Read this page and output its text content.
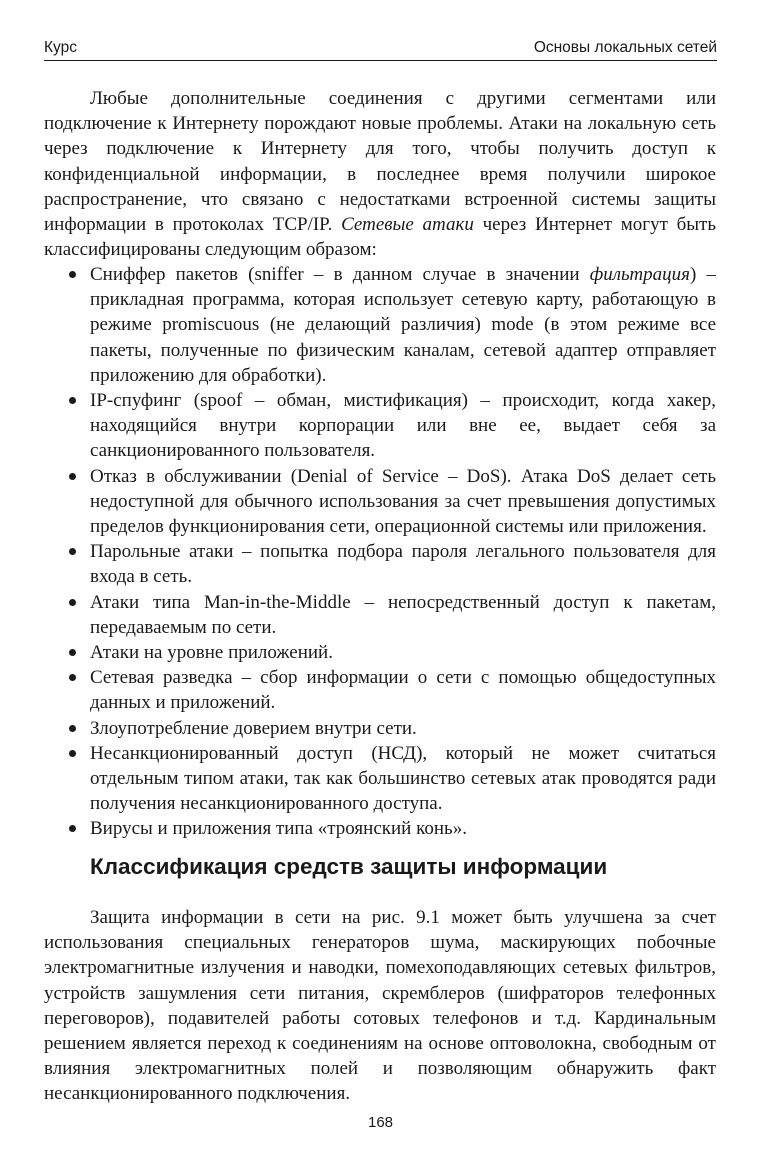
Курс	Основы локальных сетей

Любые дополнительные соединения с другими сегментами или подключение к Интернету порождают новые проблемы. Атаки на локальную сеть через подключение к Интернету для того, чтобы получить доступ к конфиденциальной информации, в последнее время получили широкое распространение, что связано с недостатками встроенной системы защиты информации в протоколах TCP/IP. Сетевые атаки через Интернет могут быть классифицированы следующим образом:

Сниффер пакетов (sniffer – в данном случае в значении фильтрация) – прикладная программа, которая использует сетевую карту, работающую в режиме promiscuous (не делающий различия) mode (в этом режиме все пакеты, полученные по физическим каналам, сетевой адаптер отправляет приложению для обработки).
IP-спуфинг (spoof – обман, мистификация) – происходит, когда хакер, находящийся внутри корпорации или вне ее, выдает себя за санкционированного пользователя.
Отказ в обслуживании (Denial of Service – DoS). Атака DoS делает сеть недоступной для обычного использования за счет превышения допустимых пределов функционирования сети, операционной системы или приложения.
Парольные атаки – попытка подбора пароля легального пользователя для входа в сеть.
Атаки типа Man-in-the-Middle – непосредственный доступ к пакетам, передаваемым по сети.
Атаки на уровне приложений.
Сетевая разведка – сбор информации о сети с помощью общедоступных данных и приложений.
Злоупотребление доверием внутри сети.
Несанкционированный доступ (НСД), который не может считаться отдельным типом атаки, так как большинство сетевых атак проводятся ради получения несанкционированного доступа.
Вирусы и приложения типа «троянский конь».
Классификация средств защиты информации

Защита информации в сети на рис. 9.1 может быть улучшена за счет использования специальных генераторов шума, маскирующих побочные электромагнитные излучения и наводки, помехоподавляющих сетевых фильтров, устройств зашумления сети питания, скремблеров (шифраторов телефонных переговоров), подавителей работы сотовых телефонов и т.д. Кардинальным решением является переход к соединениям на основе оптоволокна, свободным от влияния электромагнитных полей и позволяющим обнаружить факт несанкционированного подключения.

168
